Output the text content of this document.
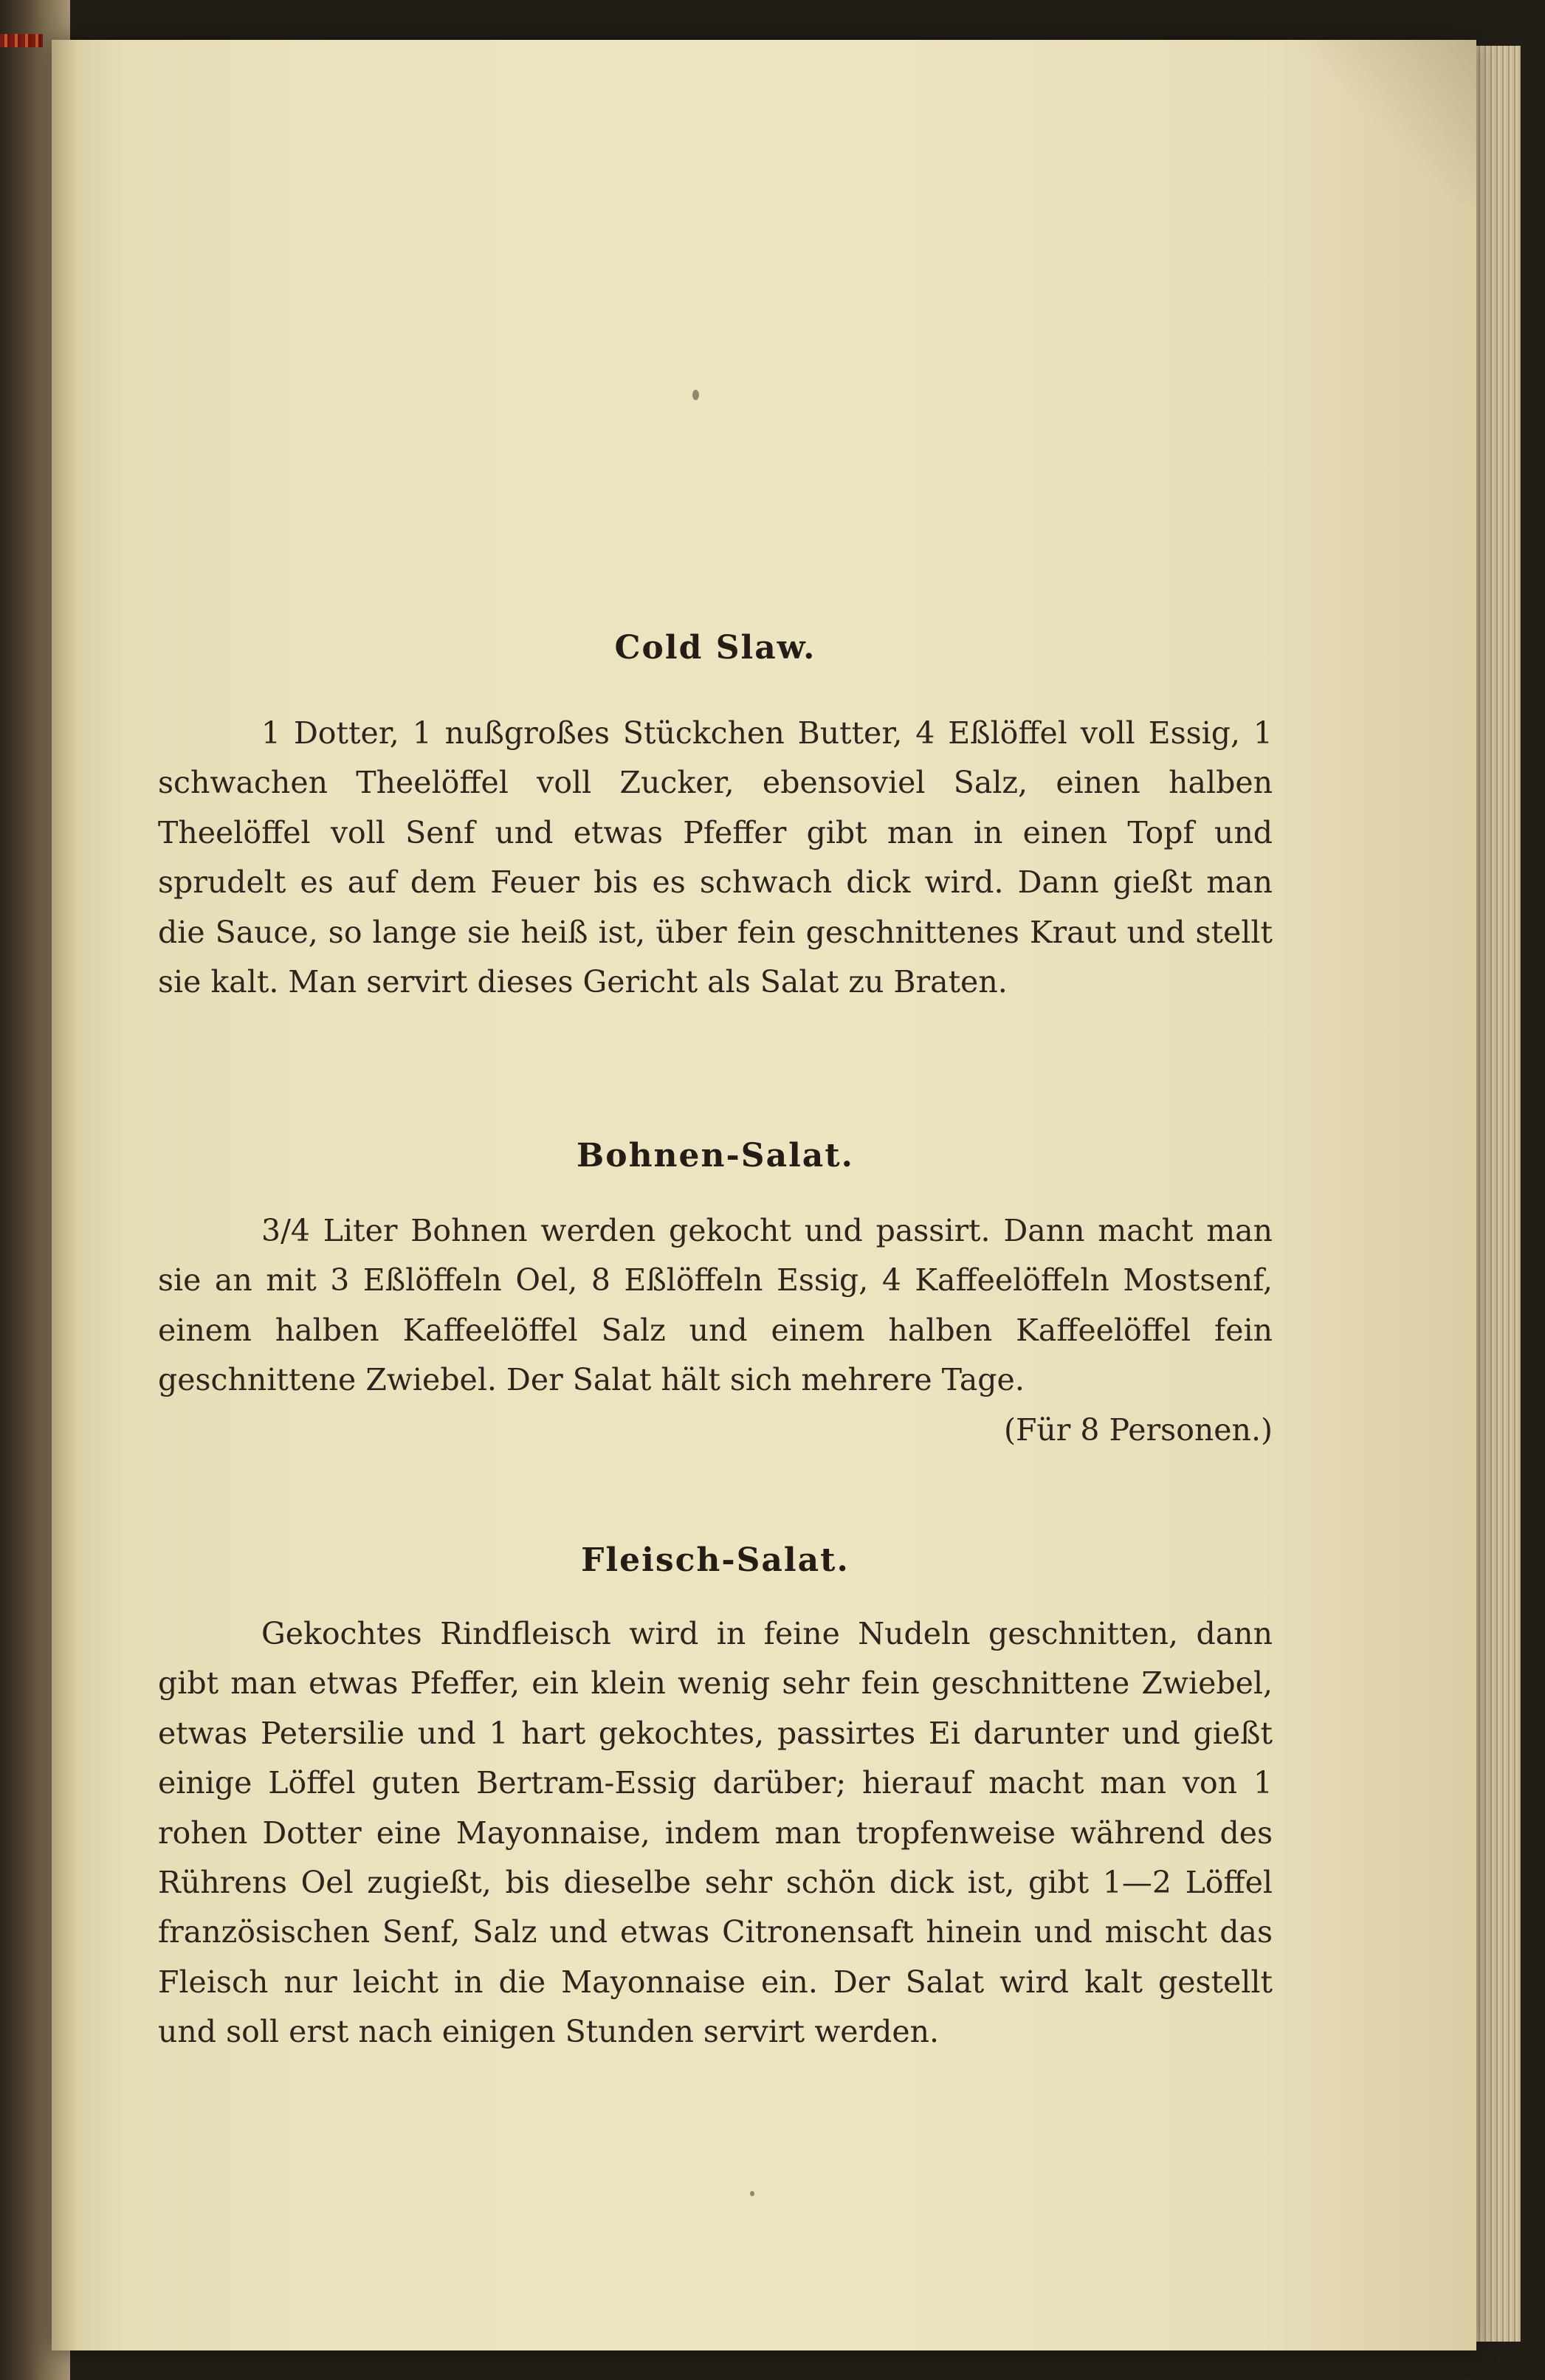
Cold Slaw.

1 Dotter, 1 nußgroßes Stückchen Butter, 4 Eßlöffel voll Essig, 1 schwachen Theelöffel voll Zucker, ebensoviel Salz, einen halben Theelöffel voll Senf und etwas Pfeffer gibt man in einen Topf und sprudelt es auf dem Feuer bis es schwach dick wird. Dann gießt man die Sauce, so lange sie heiß ist, über fein geschnittenes Kraut und stellt sie kalt. Man servirt dieses Gericht als Salat zu Braten.

Bohnen-Salat.

3/4 Liter Bohnen werden gekocht und passirt. Dann macht man sie an mit 3 Eßlöffeln Oel, 8 Eßlöffeln Essig, 4 Kaffeelöffeln Mostsenf, einem halben Kaffeelöffel Salz und einem halben Kaffeelöffel fein geschnittene Zwiebel. Der Salat hält sich mehrere Tage.
(Für 8 Personen.)

Fleisch-Salat.

Gekochtes Rindfleisch wird in feine Nudeln geschnitten, dann gibt man etwas Pfeffer, ein klein wenig sehr fein geschnittene Zwiebel, etwas Petersilie und 1 hart gekochtes, passirtes Ei darunter und gießt einige Löffel guten Bertram-Essig darüber; hierauf macht man von 1 rohen Dotter eine Mayonnaise, indem man tropfenweise während des Rührens Oel zugießt, bis dieselbe sehr schön dick ist, gibt 1—2 Löffel französischen Senf, Salz und etwas Citronensaft hinein und mischt das Fleisch nur leicht in die Mayonnaise ein. Der Salat wird kalt gestellt und soll erst nach einigen Stunden servirt werden.
